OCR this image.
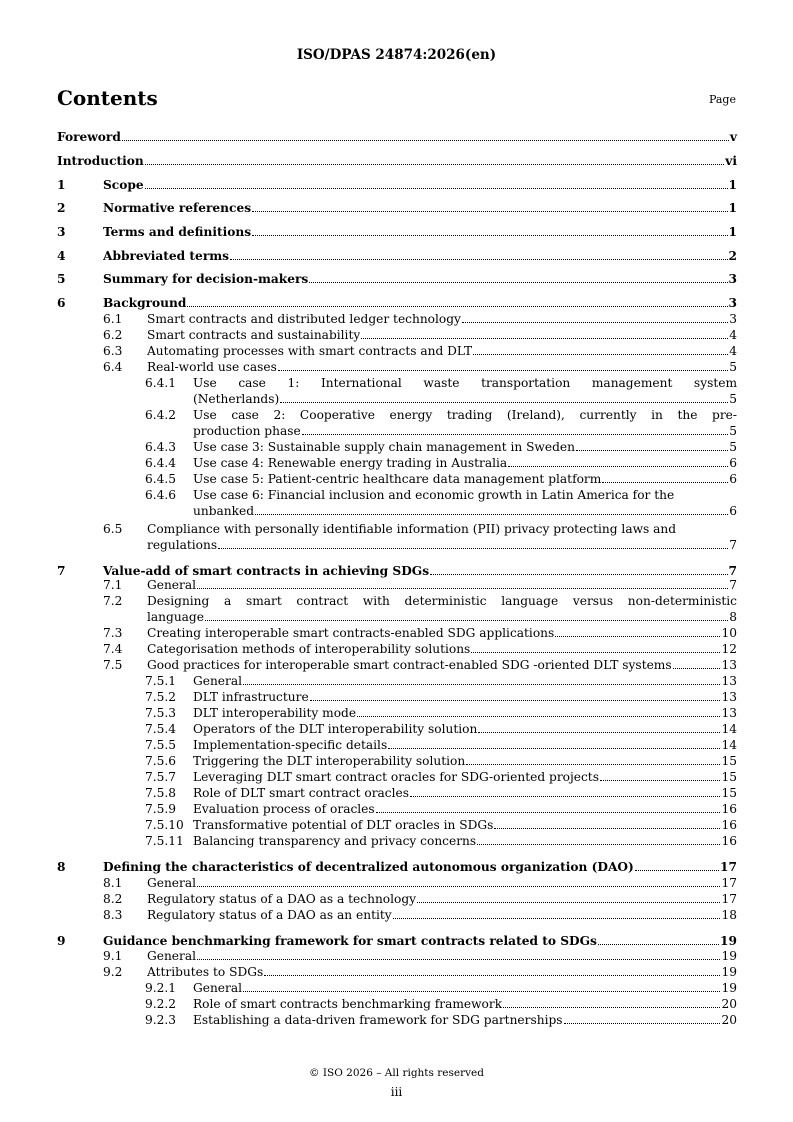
ISO/DPAS 24874:2026(en)
Contents	Page
Foreword	v
Introduction	vi
1	Scope	1
2	Normative references	1
3	Terms and definitions	1
4	Abbreviated terms	2
5	Summary for decision-makers	3
6	Background	3
6.1	Smart contracts and distributed ledger technology	3
6.2	Smart contracts and sustainability	4
6.3	Automating processes with smart contracts and DLT	4
6.4	Real-world use cases	5
6.4.1 Use case 1: International waste transportation management system
(Netherlands)	5
6.4.2 Use case 2: Cooperative energy trading (Ireland), currently in the pre-
production phase	5
6.4.3	Use case 3: Sustainable supply chain management in Sweden	5
6.4.4	Use case 4: Renewable energy trading in Australia	6
6.4.5	Use case 5: Patient-centric healthcare data management platform	6
6.4.6 Use case 6: Financial inclusion and economic growth in Latin America for the
unbanked	6
6.5 Compliance with personally identifiable information (PII) privacy protecting laws and
regulations	7
7	Value-add of smart contracts in achieving SDGs	7
7.1	General	7
7.2 Designing a smart contract with deterministic language versus non-deterministic
language	8
7.3	Creating interoperable smart contracts-enabled SDG applications	10
7.4	Categorisation methods of interoperability solutions	12
7.5	Good practices for interoperable smart contract-enabled SDG -oriented DLT systems	13
7.5.1	General	13
7.5.2	DLT infrastructure	13
7.5.3	DLT interoperability mode	13
7.5.4	Operators of the DLT interoperability solution	14
7.5.5	Implementation-specific details	14
7.5.6	Triggering the DLT interoperability solution	15
7.5.7	Leveraging DLT smart contract oracles for SDG-oriented projects	15
7.5.8	Role of DLT smart contract oracles	15
7.5.9	Evaluation process of oracles	16
7.5.10 Transformative potential of DLT oracles in SDGs	16
7.5.11 Balancing transparency and privacy concerns	16
8	Defining the characteristics of decentralized autonomous organization (DAO)	17
8.1	General	17
8.2	Regulatory status of a DAO as a technology	17
8.3	Regulatory status of a DAO as an entity	18
9	Guidance benchmarking framework for smart contracts related to SDGs	19
9.1	General	19
9.2	Attributes to SDGs	19
9.2.1	General	19
9.2.2	Role of smart contracts benchmarking framework	20
9.2.3	Establishing a data-driven framework for SDG partnerships	20
© ISO 2026 – All rights reserved
iii
